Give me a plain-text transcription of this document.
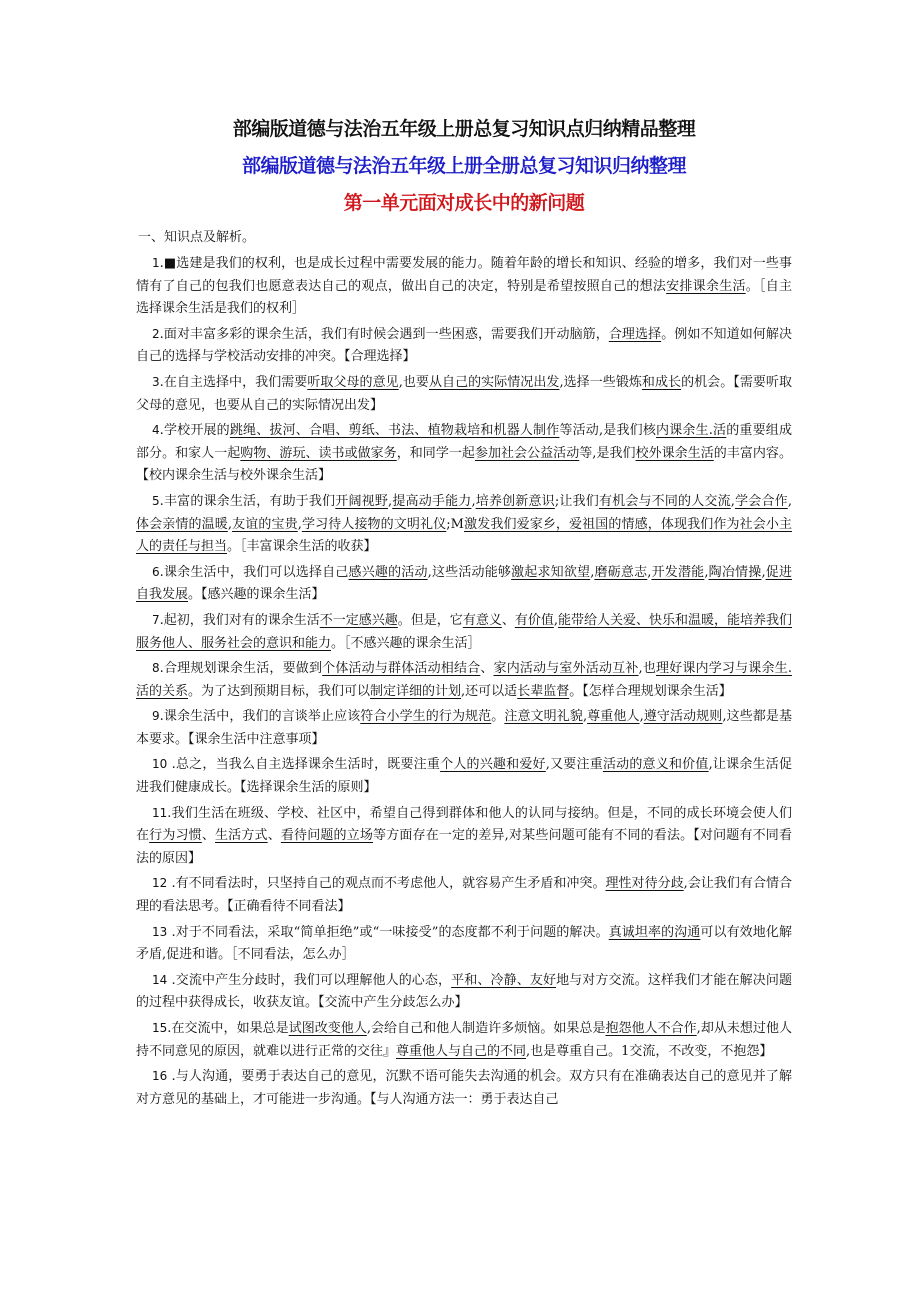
部编版道德与法治五年级上册总复习知识点归纳精品整理
部编版道德与法治五年级上册全册总复习知识归纳整理
第一单元面对成长中的新问题
一、知识点及解析。

1.■选建是我们的权利，也是成长过程中需要发展的能力。随着年龄的增长和知识、经验的增多，我们对一些事情有了自己的包我们也愿意表达自己的观点，做出自己的决定，特别是希望按照自己的想法安排课余生活。［自主选择课余生活是我们的权利］

2.面对丰富多彩的课余生活，我们有时候会遇到一些困惑，需要我们开动脑筋，合理选择。例如不知道如何解决自己的选择与学校活动安排的冲突。【合理选择】

3.在自主选择中，我们需要听取父母的意见,也要从自己的实际情况出发,选择一些锻炼和成长的机会。【需要听取父母的意见，也要从自己的实际情况出发】

4.学校开展的跳绳、拔河、合唱、剪纸、书法、植物栽培和机器人制作等活动,是我们核内课余生.活的重要组成部分。和家人一起购物、游玩、读书或做家务，和同学一起参加社会公益活动等,是我们校外课余生活的丰富内容。【校内课余生活与校外课余生活】

5.丰富的课余生活，有助于我们开阔视野,提高动手能力,培养创新意识;让我们有机会与不同的人交流,学会合作,体会亲情的温暖,友谊的宝贵,学习待人接物的文明礼仪;M激发我们爱家乡，爱祖国的情感，体现我们作为社会小主人的责任与担当。［丰富课余生活的收获】

6.课余生活中，我们可以选择自己感兴趣的活动,这些活动能够激起求知欲望,磨砺意志,开发潜能,陶冶情操,促进自我发展。【感兴趣的课余生活】

7.起初，我们对有的课余生活不一定感兴趣。但是，它有意义、有价值,能带给人关爱、快乐和温暖，能培养我们服务他人、服务社会的意识和能力。［不感兴趣的课余生活］

8.合理规划课余生活，要做到个体活动与群体活动相结合、家内活动与室外活动互补,也理好课内学习与课余生.活的关系。为了达到预期目标，我们可以制定详细的计划,还可以适长辈监督。【怎样合理规划课余生活】

9.课余生活中，我们的言谈举止应该符合小学生的行为规范。注意文明礼貌,尊重他人,遵守活动规则,这些都是基本要求。【课余生活中注意事项】

10 .总之，当我么自主选择课余生活时，既要注重个人的兴趣和爱好,又要注重活动的意义和价值,让课余生活促进我们健康成长。【选择课余生活的原则】

11.我们生活在班级、学校、社区中，希望自己得到群体和他人的认同与接纳。但是，不同的成长环境会使人们在行为习惯、生活方式、看待问题的立场等方面存在一定的差异,对某些问题可能有不同的看法。【对问题有不同看法的原因】

12 .有不同看法时，只坚持自己的观点而不考虑他人，就容易产生矛盾和冲突。理性对待分歧,会让我们有合情合理的看法思考。【正确看待不同看法】

13 .对于不同看法，采取“简单拒绝”或“一味接受”的态度都不利于问题的解决。真诚坦率的沟通可以有效地化解矛盾,促进和谐。［不同看法，怎么办］

14 .交流中产生分歧时，我们可以理解他人的心态，平和、冷静、友好地与对方交流。这样我们才能在解决问题的过程中获得成长，收获友谊。【交流中产生分歧怎么办】

15.在交流中，如果总是试图改变他人,会给自己和他人制造许多烦恼。如果总是抱怨他人不合作,却从未想过他人持不同意见的原因，就难以进行正常的交往』尊重他人与自己的不同,也是尊重自己。1交流，不改变，不抱怨】

16 .与人沟通，要勇于表达自己的意见，沉默不语可能失去沟通的机会。双方只有在准确表达自己的意见并了解对方意见的基础上，才可能进一步沟通。【与人沟通方法一：勇于表达自己
